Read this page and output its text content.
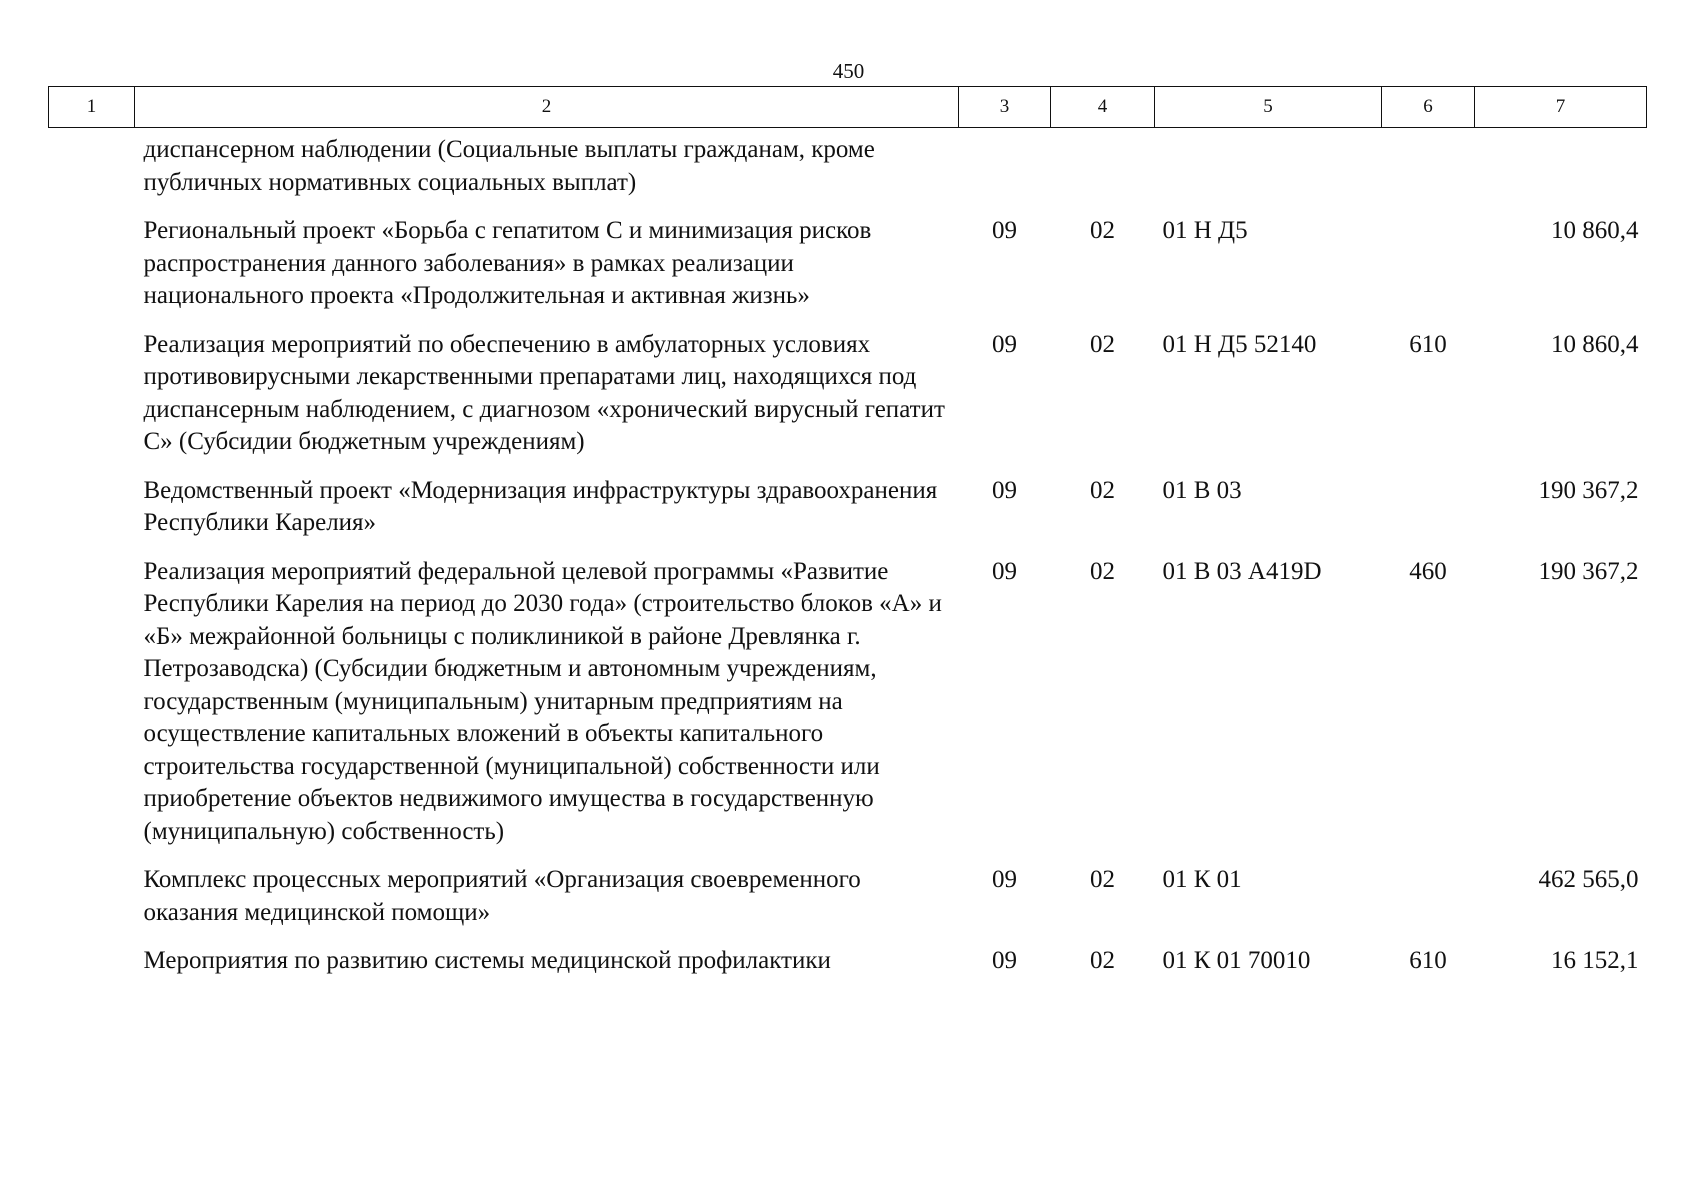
450
1	2	3	4	5	6	7
диспансерном наблюдении (Социальные выплаты гражданам, кроме публичных нормативных социальных выплат)						
Региональный проект «Борьба с гепатитом С и минимизация рисков распространения данного заболевания» в рамках реализации национального проекта «Продолжительная и активная жизнь»		09	02	01 Н Д5		10 860,4
Реализация мероприятий по обеспечению в амбулаторных условиях противовирусными лекарственными препаратами лиц, находящихся под диспансерным наблюдением, с диагнозом «хронический вирусный гепатит С» (Субсидии бюджетным учреждениям)		09	02	01 Н Д5 52140	610	10 860,4
Ведомственный проект «Модернизация инфраструктуры здравоохранения Республики Карелия»		09	02	01 В 03		190 367,2
Реализация мероприятий федеральной целевой программы «Развитие Республики Карелия на период до 2030 года» (строительство блоков «А» и «Б» межрайонной больницы с поликлиникой в районе Древлянка г. Петрозаводска) (Субсидии бюджетным и автономным учреждениям, государственным (муниципальным) унитарным предприятиям на осуществление капитальных вложений в объекты капитального строительства государственной (муниципальной) собственности или приобретение объектов недвижимого имущества в государственную (муниципальную) собственность)		09	02	01 В 03 А419D	460	190 367,2
Комплекс процессных мероприятий «Организация своевременного оказания медицинской помощи»		09	02	01 К 01		462 565,0
Мероприятия по развитию системы медицинской профилактики		09	02	01 К 01 70010	610	16 152,1
